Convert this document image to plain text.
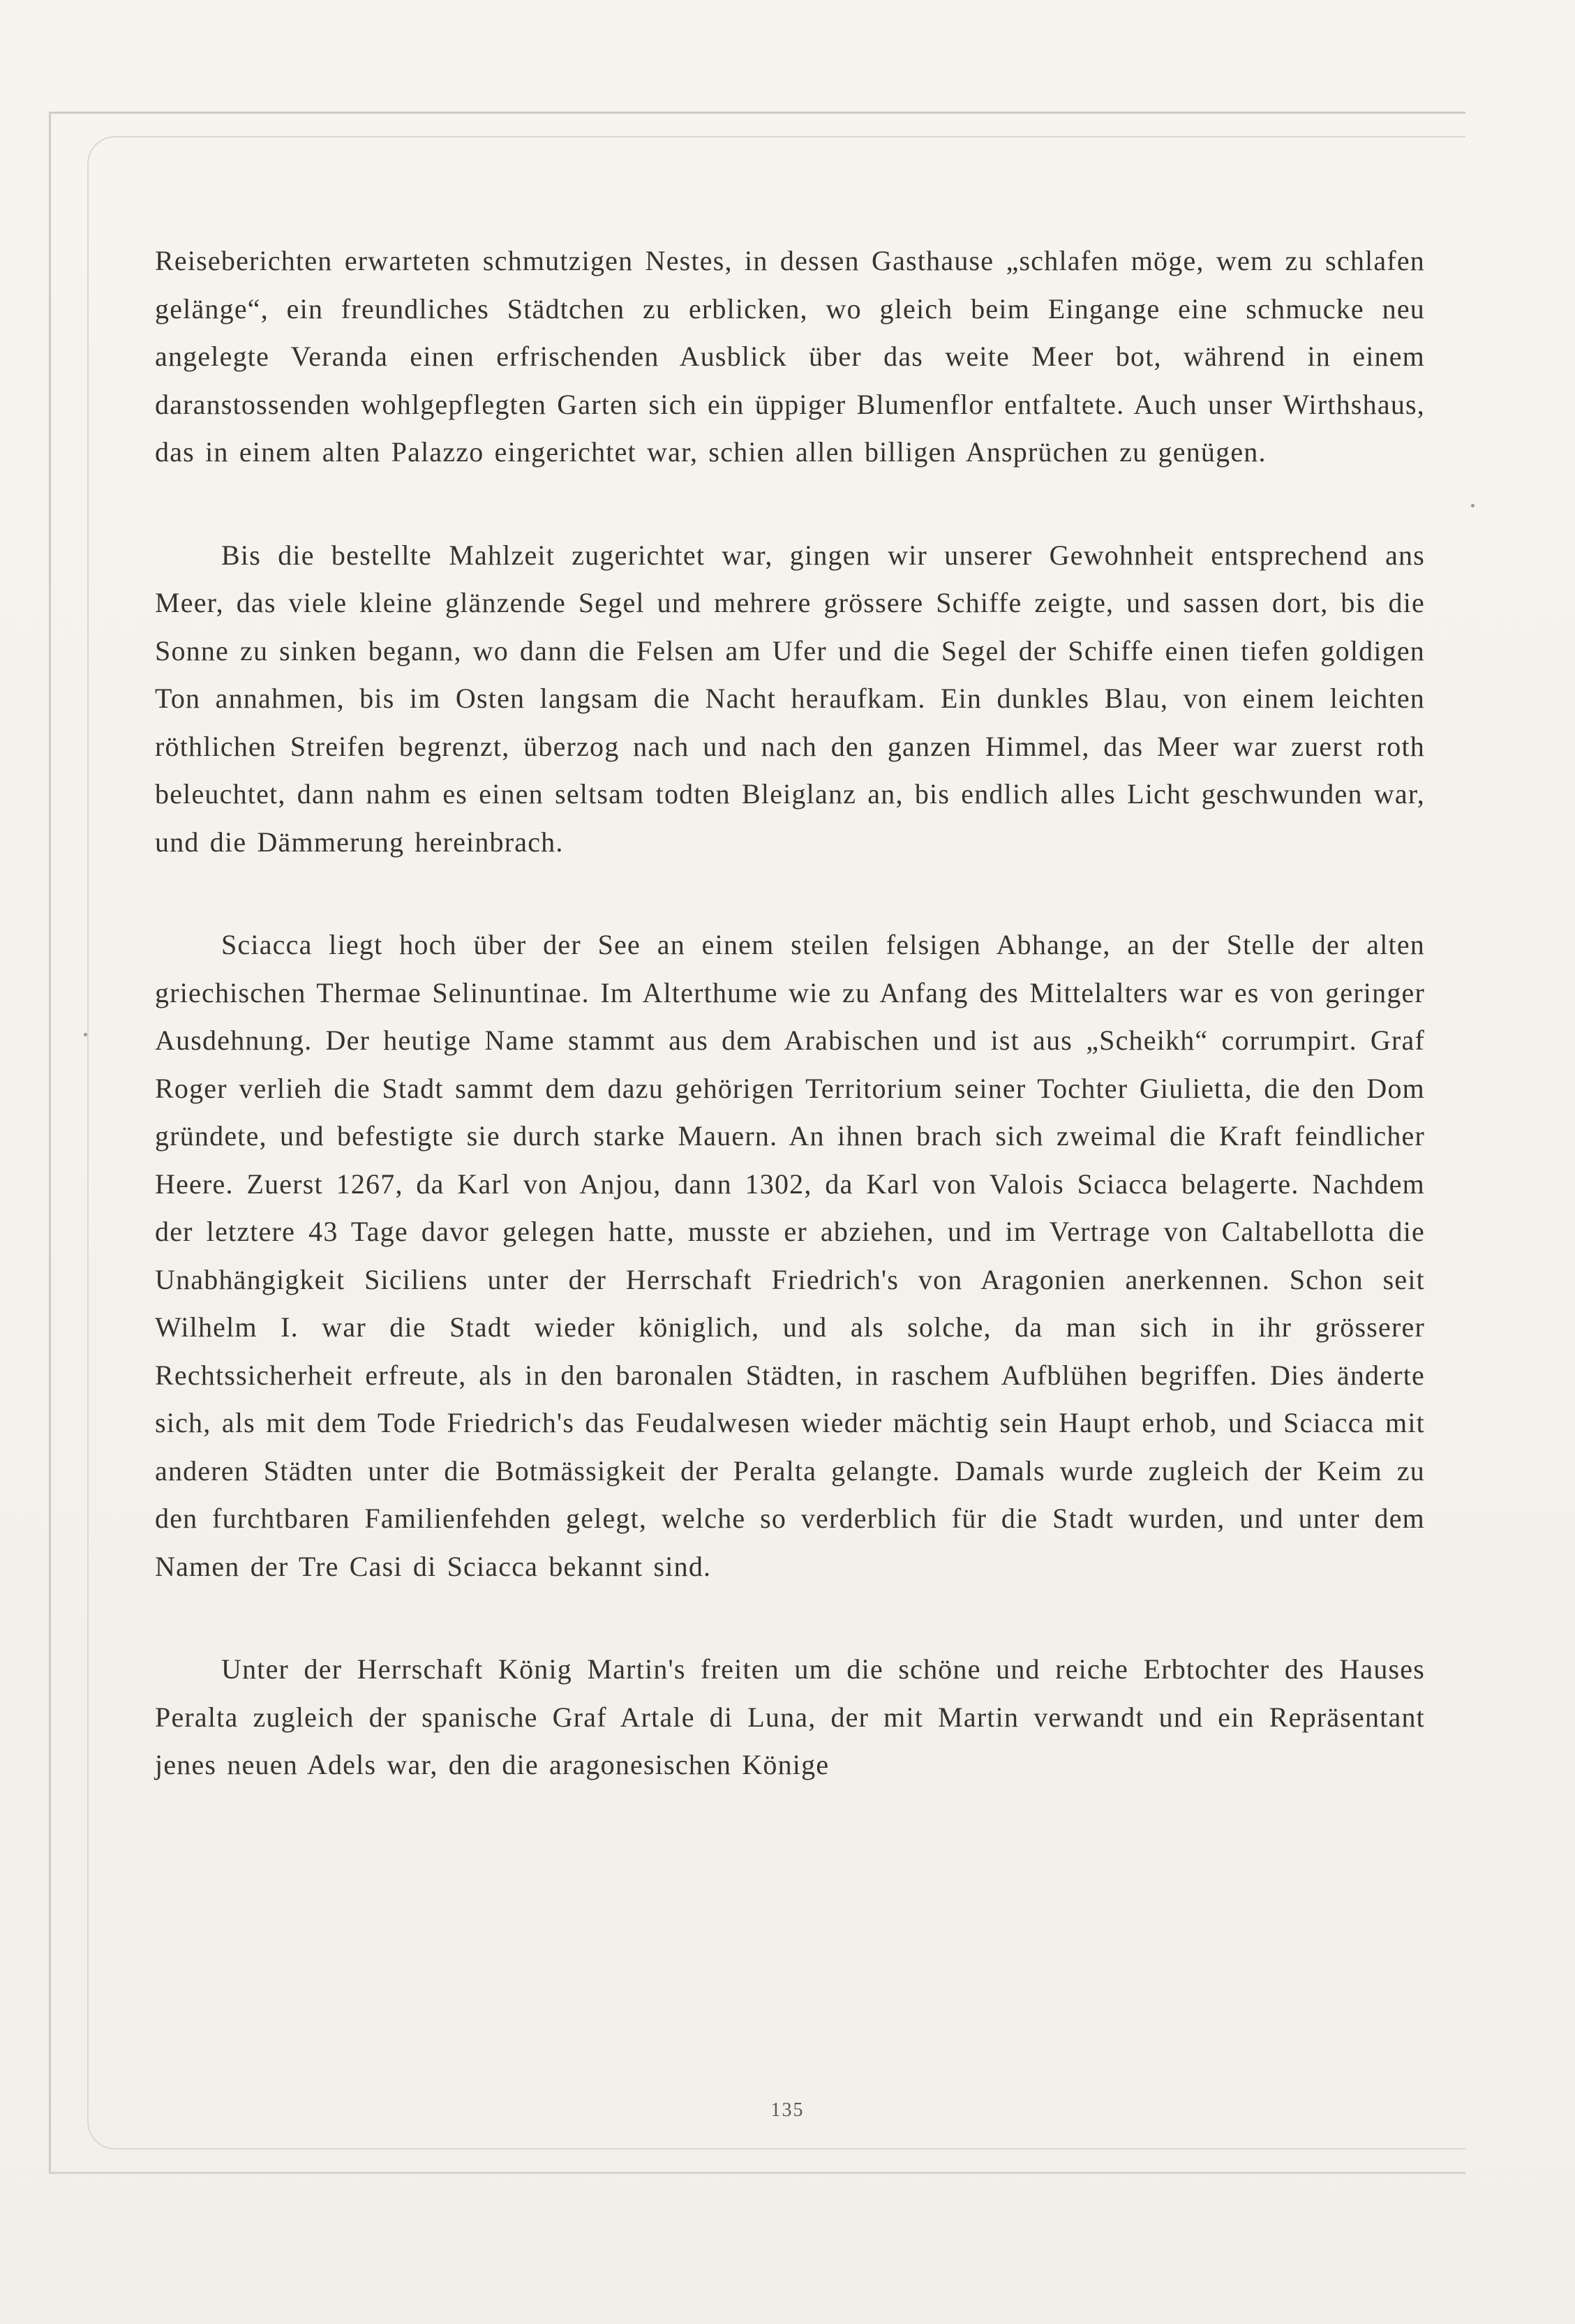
Reiseberichten erwarteten schmutzigen Nestes, in dessen Gasthause „schlafen möge, wem zu schlafen gelänge“, ein freundliches Städtchen zu erblicken, wo gleich beim Eingange eine schmucke neu angelegte Veranda einen erfrischenden Ausblick über das weite Meer bot, während in einem daranstossenden wohlgepflegten Garten sich ein üppiger Blumenflor entfaltete. Auch unser Wirthshaus, das in einem alten Palazzo eingerichtet war, schien allen billigen Ansprüchen zu genügen.

Bis die bestellte Mahlzeit zugerichtet war, gingen wir unserer Gewohnheit entsprechend ans Meer, das viele kleine glänzende Segel und mehrere grössere Schiffe zeigte, und sassen dort, bis die Sonne zu sinken begann, wo dann die Felsen am Ufer und die Segel der Schiffe einen tiefen goldigen Ton annahmen, bis im Osten langsam die Nacht heraufkam. Ein dunkles Blau, von einem leichten röthlichen Streifen begrenzt, überzog nach und nach den ganzen Himmel, das Meer war zuerst roth beleuchtet, dann nahm es einen seltsam todten Bleiglanz an, bis endlich alles Licht geschwunden war, und die Dämmerung hereinbrach.

Sciacca liegt hoch über der See an einem steilen felsigen Abhange, an der Stelle der alten griechischen Thermae Selinuntinae. Im Alterthume wie zu Anfang des Mittelalters war es von geringer Ausdehnung. Der heutige Name stammt aus dem Arabischen und ist aus „Scheikh“ corrumpirt. Graf Roger verlieh die Stadt sammt dem dazu gehörigen Territorium seiner Tochter Giulietta, die den Dom gründete, und befestigte sie durch starke Mauern. An ihnen brach sich zweimal die Kraft feindlicher Heere. Zuerst 1267, da Karl von Anjou, dann 1302, da Karl von Valois Sciacca belagerte. Nachdem der letztere 43 Tage davor gelegen hatte, musste er abziehen, und im Vertrage von Caltabellotta die Unabhängigkeit Siciliens unter der Herrschaft Friedrich's von Aragonien anerkennen. Schon seit Wilhelm I. war die Stadt wieder königlich, und als solche, da man sich in ihr grösserer Rechtssicherheit erfreute, als in den baronalen Städten, in raschem Aufblühen begriffen. Dies änderte sich, als mit dem Tode Friedrich's das Feudalwesen wieder mächtig sein Haupt erhob, und Sciacca mit anderen Städten unter die Botmässigkeit der Peralta gelangte. Damals wurde zugleich der Keim zu den furchtbaren Familienfehden gelegt, welche so verderblich für die Stadt wurden, und unter dem Namen der Tre Casi di Sciacca bekannt sind.

Unter der Herrschaft König Martin's freiten um die schöne und reiche Erbtochter des Hauses Peralta zugleich der spanische Graf Artale di Luna, der mit Martin verwandt und ein Repräsentant jenes neuen Adels war, den die aragonesischen Könige

135
